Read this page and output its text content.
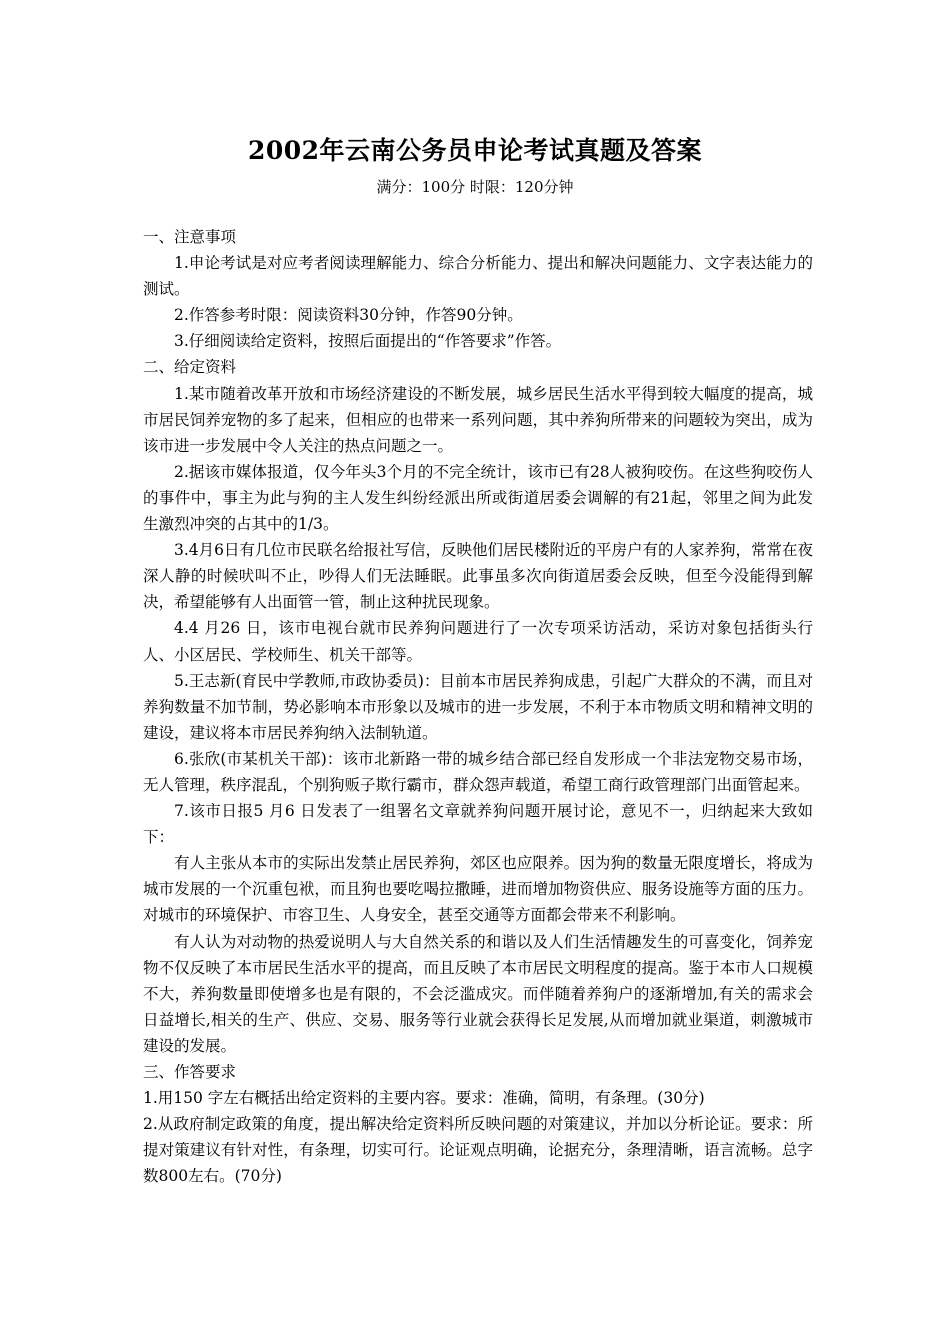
2002年云南公务员申论考试真题及答案
满分：100分 时限：120分钟

一、注意事项

1.申论考试是对应考者阅读理解能力、综合分析能力、提出和解决问题能力、文字表达能力的测试。

2.作答参考时限：阅读资料30分钟，作答90分钟。

3.仔细阅读给定资料，按照后面提出的“作答要求”作答。

二、给定资料

1.某市随着改革开放和市场经济建设的不断发展，城乡居民生活水平得到较大幅度的提高，城市居民饲养宠物的多了起来，但相应的也带来一系列问题，其中养狗所带来的问题较为突出，成为该市进一步发展中令人关注的热点问题之一。

2.据该市媒体报道，仅今年头3个月的不完全统计，该市已有28人被狗咬伤。在这些狗咬伤人的事件中，事主为此与狗的主人发生纠纷经派出所或街道居委会调解的有21起，邻里之间为此发生激烈冲突的占其中的1/3。

3.4月6日有几位市民联名给报社写信，反映他们居民楼附近的平房户有的人家养狗，常常在夜深人静的时候吠叫不止，吵得人们无法睡眠。此事虽多次向街道居委会反映，但至今没能得到解决，希望能够有人出面管一管，制止这种扰民现象。

4.4 月26 日，该市电视台就市民养狗问题进行了一次专项采访活动，采访对象包括街头行人、小区居民、学校师生、机关干部等。

5.王志新(育民中学教师,市政协委员)：目前本市居民养狗成患，引起广大群众的不满，而且对养狗数量不加节制，势必影响本市形象以及城市的进一步发展，不利于本市物质文明和精神文明的建设，建议将本市居民养狗纳入法制轨道。

6.张欣(市某机关干部)：该市北新路一带的城乡结合部已经自发形成一个非法宠物交易市场，无人管理，秩序混乱，个别狗贩子欺行霸市，群众怨声载道，希望工商行政管理部门出面管起来。

7.该市日报5 月6 日发表了一组署名文章就养狗问题开展讨论，意见不一，归纳起来大致如下：

有人主张从本市的实际出发禁止居民养狗，郊区也应限养。因为狗的数量无限度增长，将成为城市发展的一个沉重包袱，而且狗也要吃喝拉撒睡，进而增加物资供应、服务设施等方面的压力。对城市的环境保护、市容卫生、人身安全，甚至交通等方面都会带来不利影响。

有人认为对动物的热爱说明人与大自然关系的和谐以及人们生活情趣发生的可喜变化，饲养宠物不仅反映了本市居民生活水平的提高，而且反映了本市居民文明程度的提高。鉴于本市人口规模不大，养狗数量即使增多也是有限的，不会泛滥成灾。而伴随着养狗户的逐渐增加,有关的需求会日益增长,相关的生产、供应、交易、服务等行业就会获得长足发展,从而增加就业渠道，刺激城市建设的发展。

三、作答要求

1.用150 字左右概括出给定资料的主要内容。要求：准确，简明，有条理。(30分)

2.从政府制定政策的角度，提出解决给定资料所反映问题的对策建议，并加以分析论证。要求：所提对策建议有针对性，有条理，切实可行。论证观点明确，论据充分，条理清晰，语言流畅。总字数800左右。(70分)
